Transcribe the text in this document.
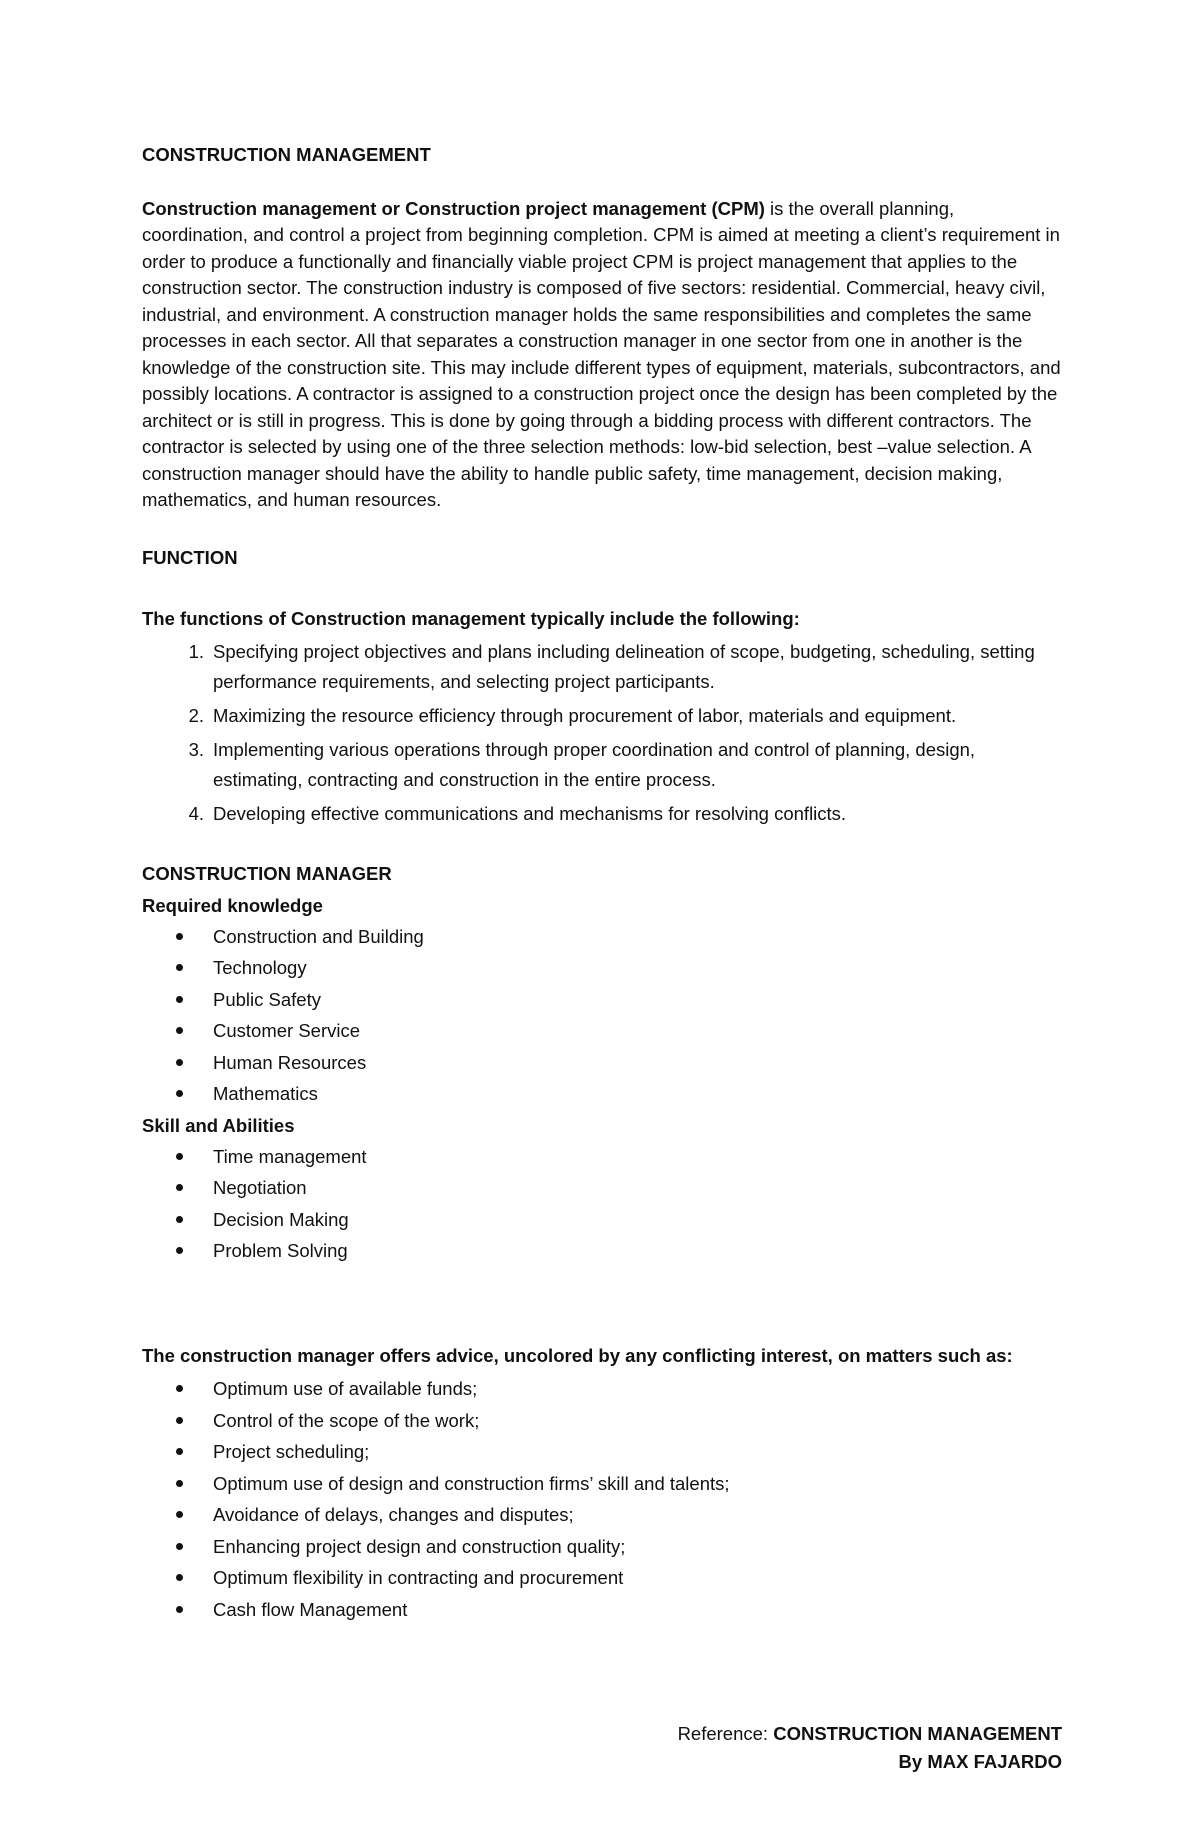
CONSTRUCTION MANAGEMENT

Construction management or Construction project management (CPM) is the overall planning, coordination, and control a project from beginning completion. CPM is aimed at meeting a client’s requirement in order to produce a functionally and financially viable project CPM is project management that applies to the construction sector. The construction industry is composed of five sectors: residential. Commercial, heavy civil, industrial, and environment. A construction manager holds the same responsibilities and completes the same processes in each sector. All that separates a construction manager in one sector from one in another is the knowledge of the construction site. This may include different types of equipment, materials, subcontractors, and possibly locations. A contractor is assigned to a construction project once the design has been completed by the architect or is still in progress. This is done by going through a bidding process with different contractors. The contractor is selected by using one of the three selection methods: low-bid selection, best –value selection. A construction manager should have the ability to handle public safety, time management, decision making, mathematics, and human resources.

FUNCTION
The functions of Construction management typically include the following:
1. Specifying project objectives and plans including delineation of scope, budgeting, scheduling, setting performance requirements, and selecting project participants.
2. Maximizing the resource efficiency through procurement of labor, materials and equipment.
3. Implementing various operations through proper coordination and control of planning, design, estimating, contracting and construction in the entire process.
4. Developing effective communications and mechanisms for resolving conflicts.
CONSTRUCTION MANAGER
Required knowledge
Construction and Building
Technology
Public Safety
Customer Service
Human Resources
Mathematics
Skill and Abilities
Time management
Negotiation
Decision Making
Problem Solving
The construction manager offers advice, uncolored by any conflicting interest, on matters such as:
Optimum use of available funds;
Control of the scope of the work;
Project scheduling;
Optimum use of design and construction firms’ skill and talents;
Avoidance of delays, changes and disputes;
Enhancing project design and construction quality;
Optimum flexibility in contracting and procurement
Cash flow Management
Reference: CONSTRUCTION MANAGEMENT
By MAX FAJARDO
